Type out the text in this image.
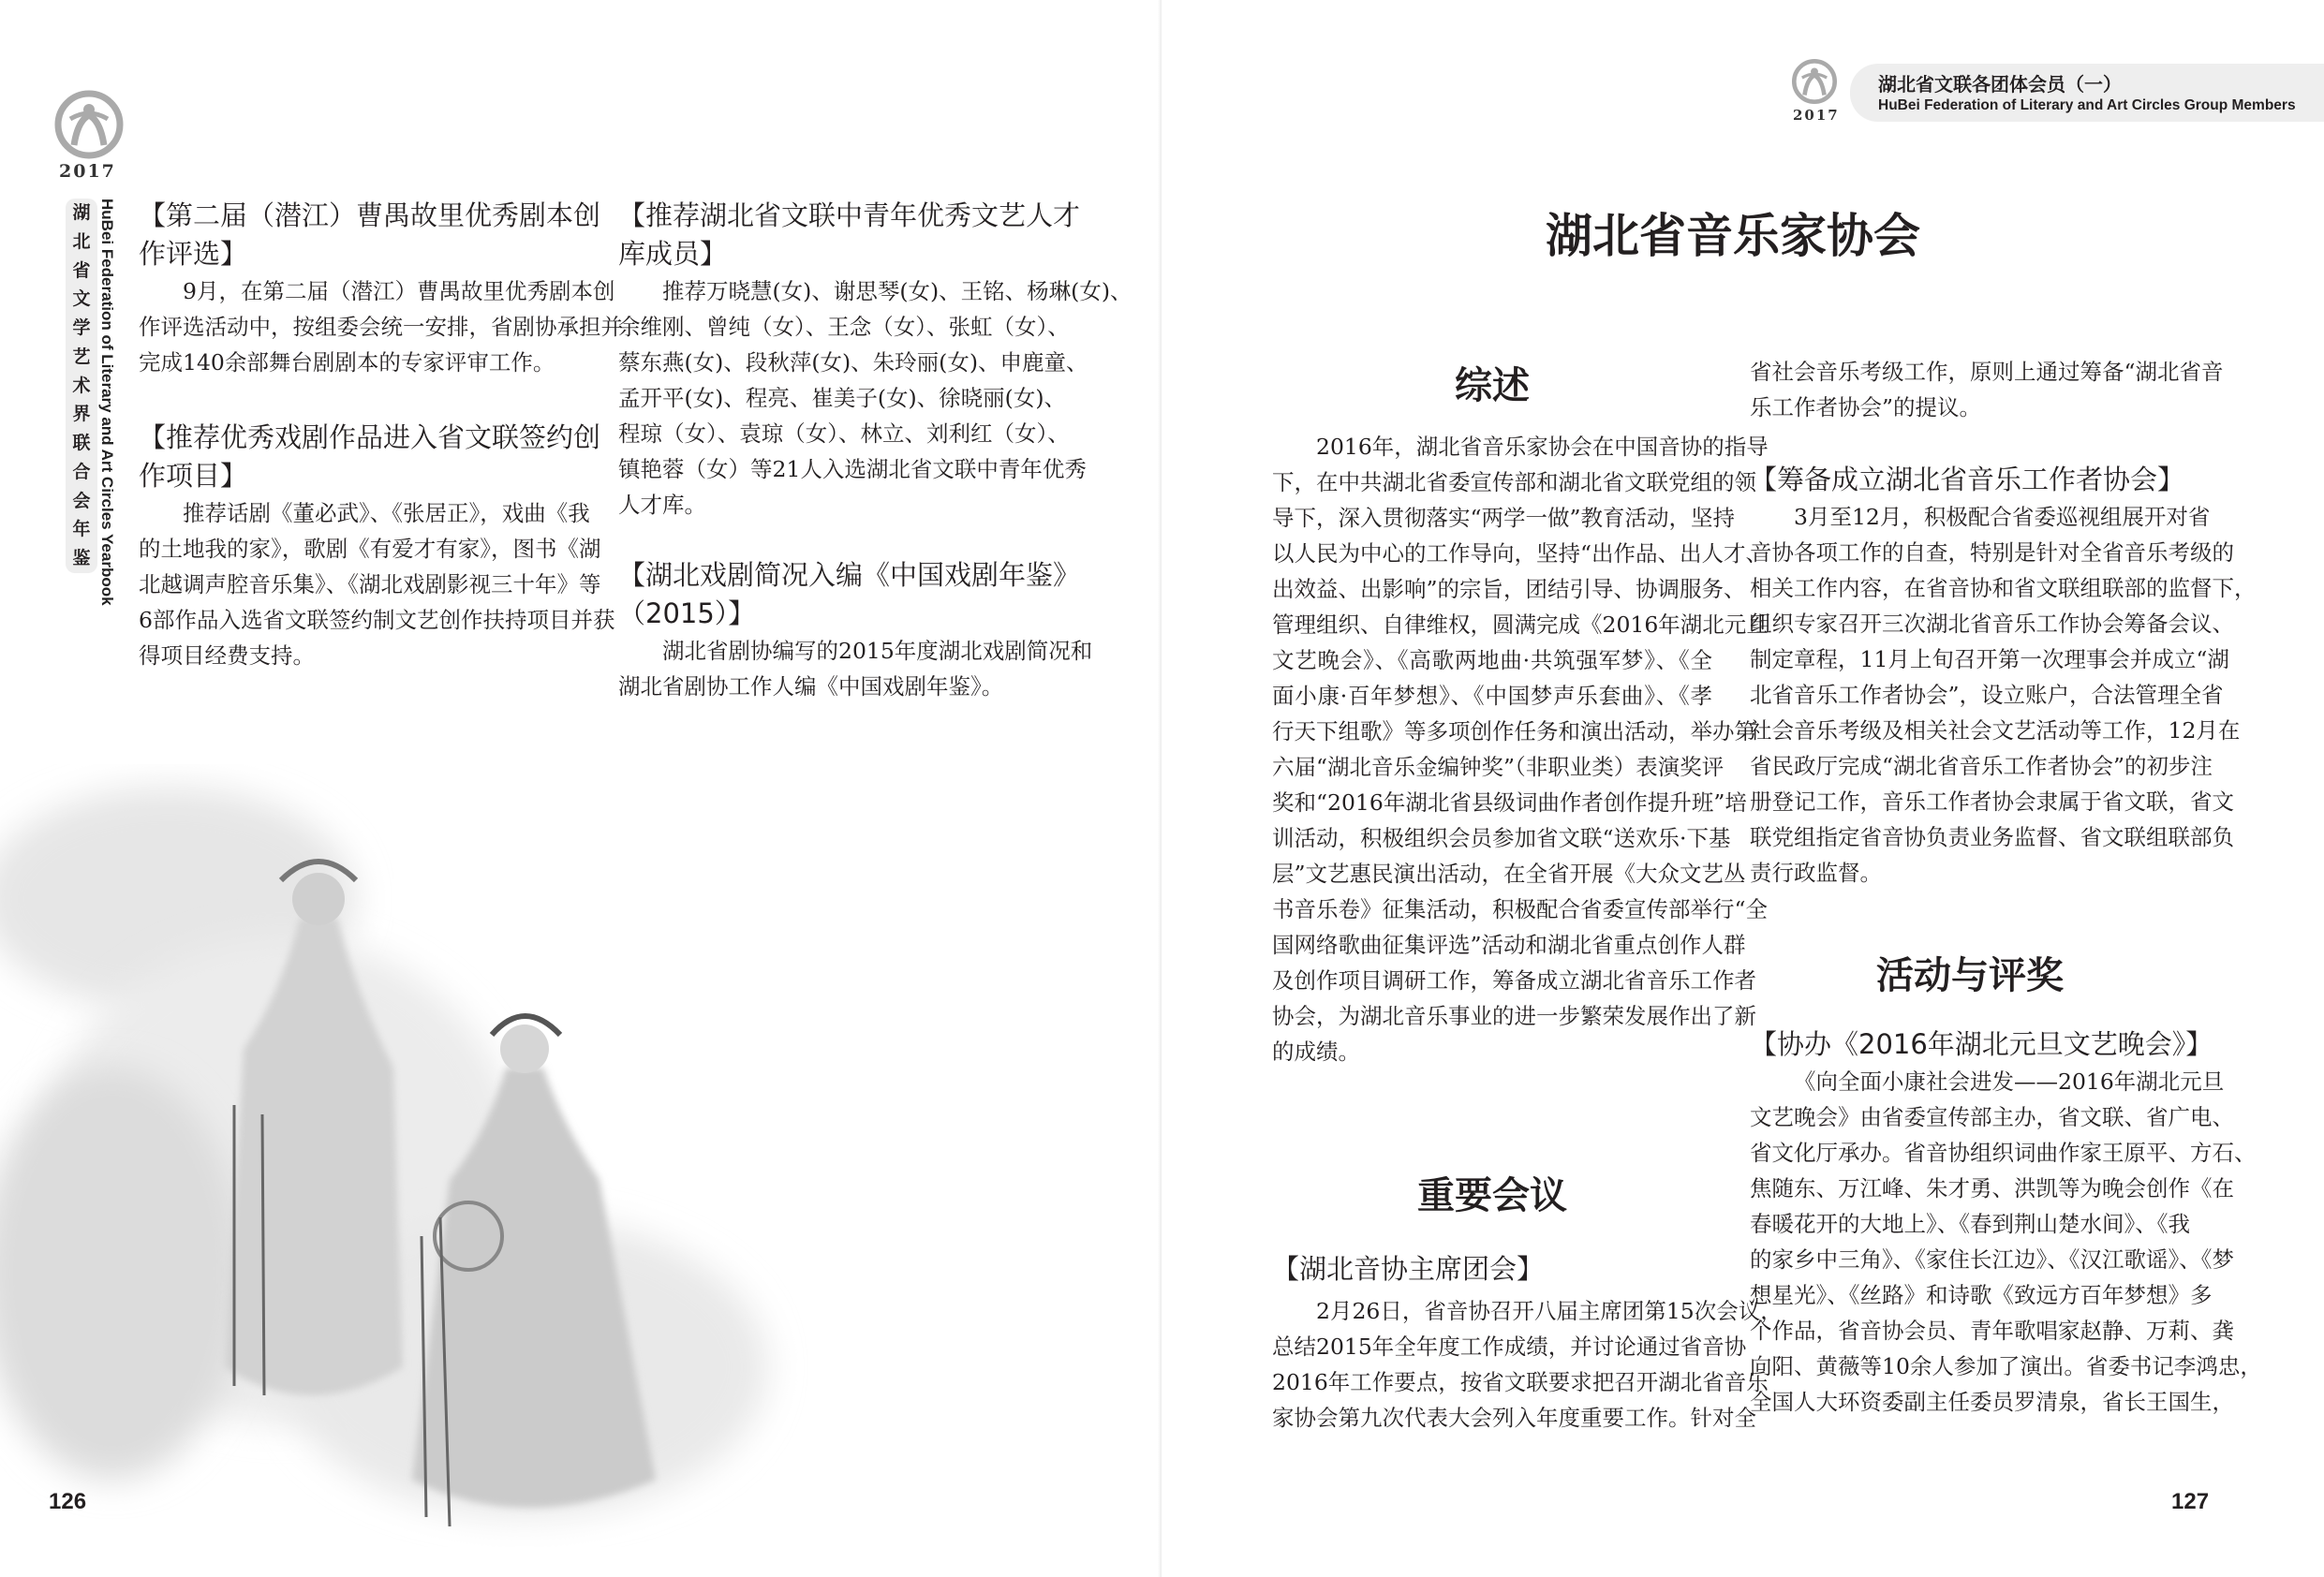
2017
湖
北
省
文
学
艺
术
界
联
合
会
年
鉴 HuBei Federation of Literary and Art Circles Yearbook 【第二届（潜江）曹禺故里优秀剧本创
作评选】
9月，在第二届（潜江）曹禺故里优秀剧本创
作评选活动中，按组委会统一安排，省剧协承担并
完成140余部舞台剧剧本的专家评审工作。
【推荐优秀戏剧作品进入省文联签约创
作项目】
推荐话剧《董必武》、《张居正》，戏曲《我
的土地我的家》，歌剧《有爱才有家》，图书《湖
北越调声腔音乐集》、《湖北戏剧影视三十年》等
6部作品入选省文联签约制文艺创作扶持项目并获
得项目经费支持。
【推荐湖北省文联中青年优秀文艺人才
库成员】
推荐万晓慧(女)、谢思琴(女)、王铭、杨琳(女)、
余维刚、曾纯（女）、王念（女）、张虹（女）、
蔡东燕(女)、段秋萍(女)、朱玲丽(女)、申鹿童、
孟开平(女)、程亮、崔美子(女)、徐晓丽(女)、
程琼（女）、袁琼（女）、林立、刘利红（女）、
镇艳蓉（女）等21人入选湖北省文联中青年优秀
人才库。
【湖北戏剧简况入编《中国戏剧年鉴》
（2015）】
湖北省剧协编写的2015年度湖北戏剧简况和
湖北省剧协工作人编《中国戏剧年鉴》。
126
2017
湖北省文联各团体会员（一）
HuBei Federation of Literary and Art Circles Group Members
湖北省音乐家协会
综述
2016年，湖北省音乐家协会在中国音协的指导
下，在中共湖北省委宣传部和湖北省文联党组的领
导下，深入贯彻落实“两学一做”教育活动，坚持
以人民为中心的工作导向，坚持“出作品、出人才、
出效益、出影响”的宗旨，团结引导、协调服务、
管理组织、自律维权，圆满完成《2016年湖北元旦
文艺晚会》、《高歌两地曲·共筑强军梦》、《全
面小康·百年梦想》、《中国梦声乐套曲》、《孝
行天下组歌》等多项创作任务和演出活动，举办第
六届“湖北音乐金编钟奖”（非职业类）表演奖评
奖和“2016年湖北省县级词曲作者创作提升班”培
训活动，积极组织会员参加省文联“送欢乐·下基
层”文艺惠民演出活动，在全省开展《大众文艺丛
书音乐卷》征集活动，积极配合省委宣传部举行“全
国网络歌曲征集评选”活动和湖北省重点创作人群
及创作项目调研工作，筹备成立湖北省音乐工作者
协会，为湖北音乐事业的进一步繁荣发展作出了新
的成绩。
重要会议
【湖北音协主席团会】
2月26日，省音协召开八届主席团第15次会议，
总结2015年全年度工作成绩，并讨论通过省音协
2016年工作要点，按省文联要求把召开湖北省音乐
家协会第九次代表大会列入年度重要工作。针对全
省社会音乐考级工作，原则上通过筹备“湖北省音
乐工作者协会”的提议。
【筹备成立湖北省音乐工作者协会】
3月至12月，积极配合省委巡视组展开对省
音协各项工作的自查，特别是针对全省音乐考级的
相关工作内容，在省音协和省文联组联部的监督下，
组织专家召开三次湖北省音乐工作协会筹备会议、
制定章程，11月上旬召开第一次理事会并成立“湖
北省音乐工作者协会”，设立账户，合法管理全省
社会音乐考级及相关社会文艺活动等工作，12月在
省民政厅完成“湖北省音乐工作者协会”的初步注
册登记工作，音乐工作者协会隶属于省文联，省文
联党组指定省音协负责业务监督、省文联组联部负
责行政监督。
活动与评奖
【协办《2016年湖北元旦文艺晚会》】
《向全面小康社会进发——2016年湖北元旦
文艺晚会》由省委宣传部主办，省文联、省广电、
省文化厅承办。省音协组织词曲作家王原平、方石、
焦随东、万江峰、朱才勇、洪凯等为晚会创作《在
春暖花开的大地上》、《春到荆山楚水间》、《我
的家乡中三角》、《家住长江边》、《汉江歌谣》、《梦
想星光》、《丝路》和诗歌《致远方百年梦想》多
个作品，省音协会员、青年歌唱家赵静、万莉、龚
向阳、黄薇等10余人参加了演出。省委书记李鸿忠，
全国人大环资委副主任委员罗清泉，省长王国生，
127
